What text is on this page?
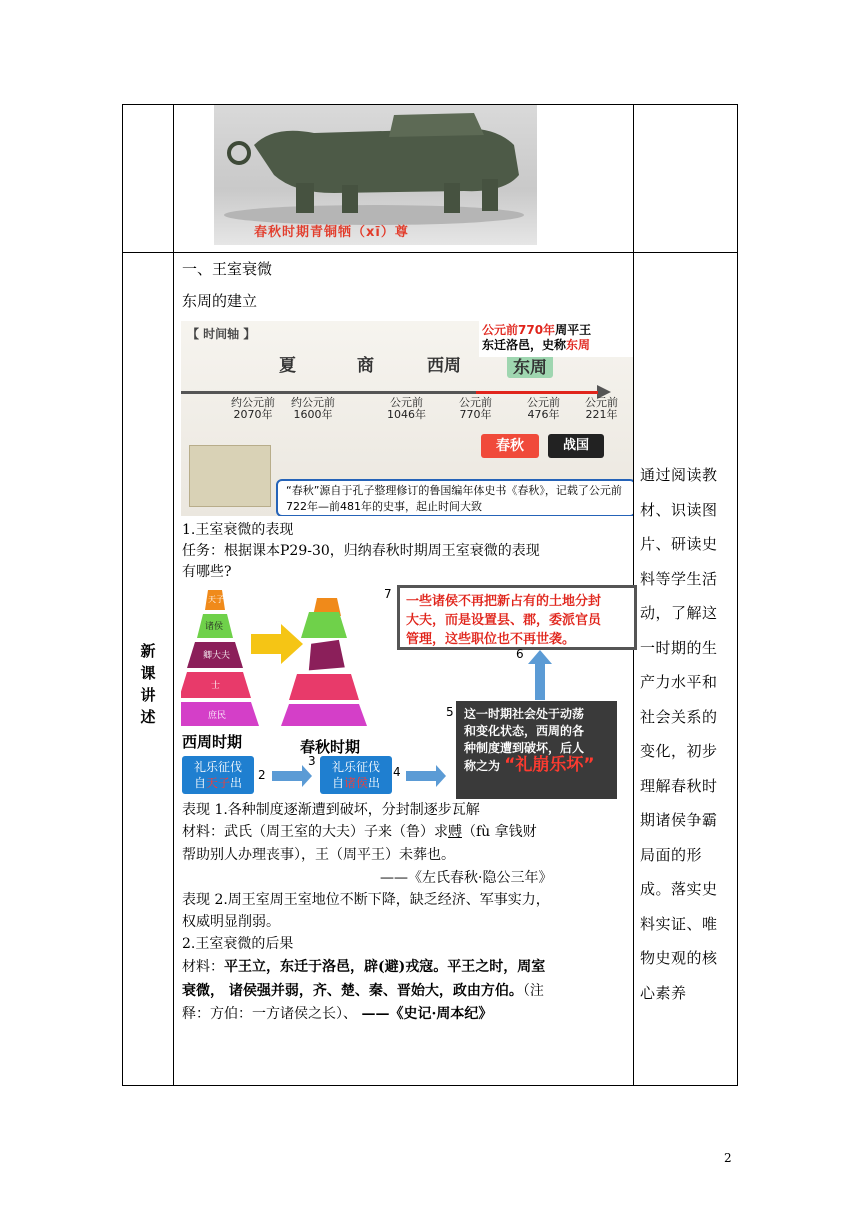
春秋时期青铜牺（xī）尊
新
课
讲
述
通过阅读教材、识读图片、研读史料等学生活动，了解这一时期的生产力水平和社会关系的变化，初步理解春秋时期诸侯争霸局面的形成。落实史料实证、唯物史观的核心素养
一、王室衰微
东周的建立
【 时间轴 】
夏	商	西周	东周
约公元前
2070年
约公元前
1600年
公元前
1046年
公元前
770年
公元前
476年
公元前
221年
公元前770年周平王
东迁洛邑，史称东周
春秋	战国
“春秋”源自于孔子整理修订的鲁国编年体史书《春秋》，记载了公元前722年—前481年的史事，起止时间大致
1.王室衰微的表现
任务：根据课本P29-30，归纳春秋时期周王室衰微的表现
有哪些?
天子
诸侯
卿大夫
士
庶民
一些诸侯不再把新占有的土地分封
大夫，而是设置县、郡，委派官员
管理，这些职位也不再世袭。
7
6
5 这一时期社会处于动荡
和变化状态，西周的各
种制度遭到破坏，后人
称之为 “礼崩乐坏”
西周时期	春秋时期
礼乐征伐
自天子出
2
3	礼乐征伐
自诸侯出
4
表现 1.各种制度逐渐遭到破坏，分封制逐步瓦解
材料：武氏（周王室的大夫）子来（鲁）求赙（fù 拿钱财
帮助别人办理丧事），王（周平王）未葬也。
——《左氏春秋·隐公三年》
表现 2.周王室周王室地位不断下降，缺乏经济、军事实力，
权威明显削弱。
2.王室衰微的后果
材料：平王立，东迁于洛邑，辟(避)戎寇。平王之时，周室
衰微， 诸侯强并弱，齐、楚、秦、晋始大，政由方伯。（注
释：方伯：一方诸侯之长）、 ——《史记·周本纪》
2
